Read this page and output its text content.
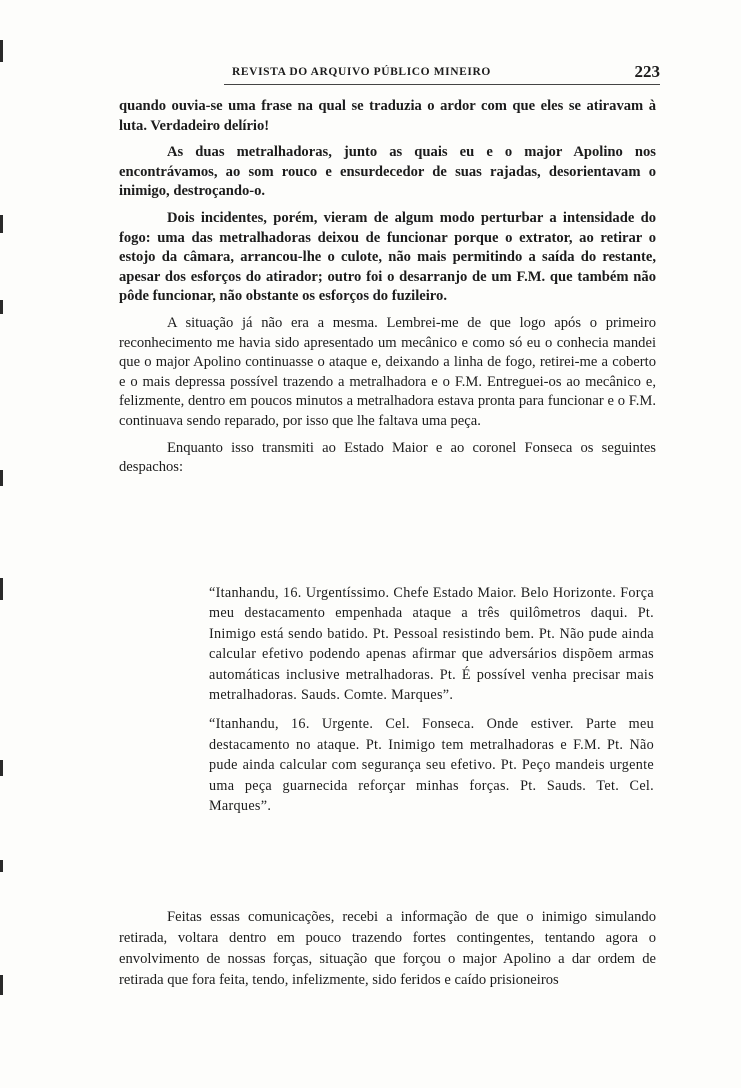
REVISTA DO ARQUIVO PÚBLICO MINEIRO	223

quando ouvia-se uma frase na qual se traduzia o ardor com que eles se atiravam à luta. Verdadeiro delírio!

As duas metralhadoras, junto as quais eu e o major Apolino nos encontrávamos, ao som rouco e ensurdecedor de suas rajadas, desorientavam o inimigo, destroçando-o.

Dois incidentes, porém, vieram de algum modo perturbar a intensidade do fogo: uma das metralhadoras deixou de funcionar porque o extrator, ao retirar o estojo da câmara, arrancou-lhe o culote, não mais permitindo a saída do restante, apesar dos esforços do atirador; outro foi o desarranjo de um F.M. que também não pôde funcionar, não obstante os esforços do fuzileiro.

A situação já não era a mesma. Lembrei-me de que logo após o primeiro reconhecimento me havia sido apresentado um mecânico e como só eu o conhecia mandei que o major Apolino continuasse o ataque e, deixando a linha de fogo, retirei-me a coberto e o mais depressa possível trazendo a metralhadora e o F.M. Entreguei-os ao mecânico e, felizmente, dentro em poucos minutos a metralhadora estava pronta para funcionar e o F.M. continuava sendo reparado, por isso que lhe faltava uma peça.

Enquanto isso transmiti ao Estado Maior e ao coronel Fonseca os seguintes despachos:

“Itanhandu, 16. Urgentíssimo. Chefe Estado Maior. Belo Horizonte. Força meu destacamento empenhada ataque a três quilômetros daqui. Pt. Inimigo está sendo batido. Pt. Pessoal resistindo bem. Pt. Não pude ainda calcular efetivo podendo apenas afirmar que adversários dispõem armas automáticas inclusive metralhadoras. Pt. É possível venha precisar mais metralhadoras. Sauds. Comte. Marques”.

“Itanhandu, 16. Urgente. Cel. Fonseca. Onde estiver. Parte meu destacamento no ataque. Pt. Inimigo tem metralhadoras e F.M. Pt. Não pude ainda calcular com segurança seu efetivo. Pt. Peço mandeis urgente uma peça guarnecida reforçar minhas forças. Pt. Sauds. Tet. Cel. Marques”.

Feitas essas comunicações, recebi a informação de que o inimigo simulando retirada, voltara dentro em pouco trazendo fortes contingentes, tentando agora o envolvimento de nossas forças, situação que forçou o major Apolino a dar ordem de retirada que fora feita, tendo, infelizmente, sido feridos e caído prisioneiros
